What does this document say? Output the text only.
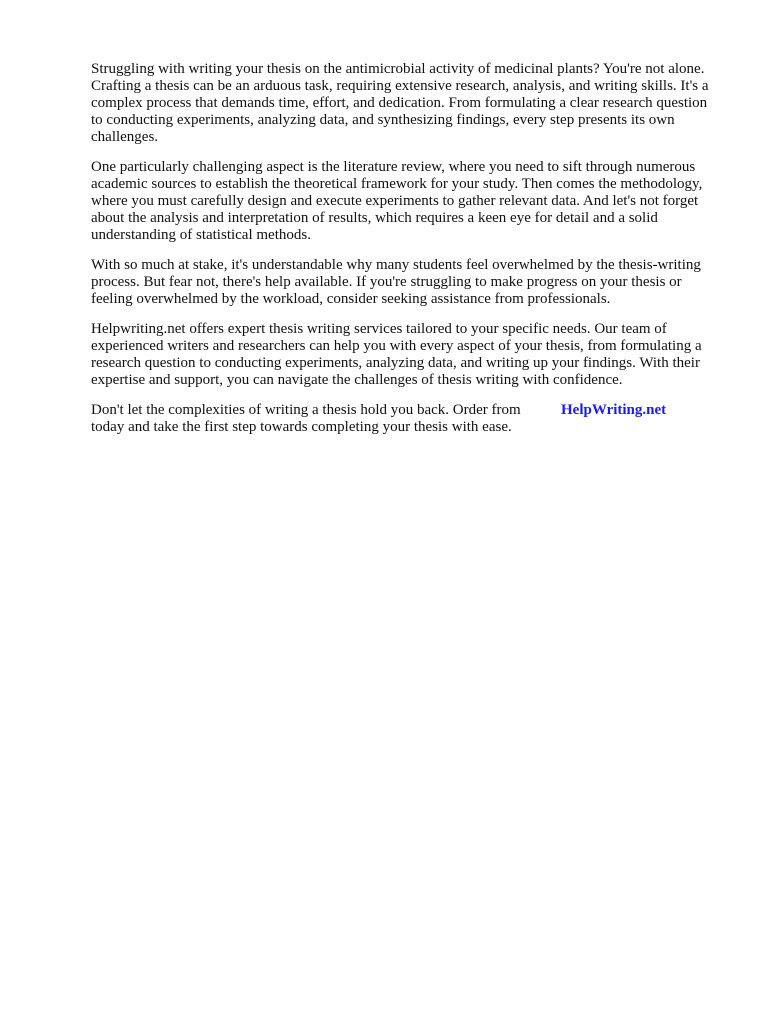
Struggling with writing your thesis on the antimicrobial activity of medicinal plants? You're not alone. Crafting a thesis can be an arduous task, requiring extensive research, analysis, and writing skills. It's a complex process that demands time, effort, and dedication. From formulating a clear research question to conducting experiments, analyzing data, and synthesizing findings, every step presents its own challenges.

One particularly challenging aspect is the literature review, where you need to sift through numerous academic sources to establish the theoretical framework for your study. Then comes the methodology, where you must carefully design and execute experiments to gather relevant data. And let's not forget about the analysis and interpretation of results, which requires a keen eye for detail and a solid understanding of statistical methods.

With so much at stake, it's understandable why many students feel overwhelmed by the thesis-writing process. But fear not, there's help available. If you're struggling to make progress on your thesis or feeling overwhelmed by the workload, consider seeking assistance from professionals.

Helpwriting.net offers expert thesis writing services tailored to your specific needs. Our team of experienced writers and researchers can help you with every aspect of your thesis, from formulating a research question to conducting experiments, analyzing data, and writing up your findings. With their expertise and support, you can navigate the challenges of thesis writing with confidence.

Don't let the complexities of writing a thesis hold you back. Order from
today and take the first step towards completing your thesis with ease.
HelpWriting.net
